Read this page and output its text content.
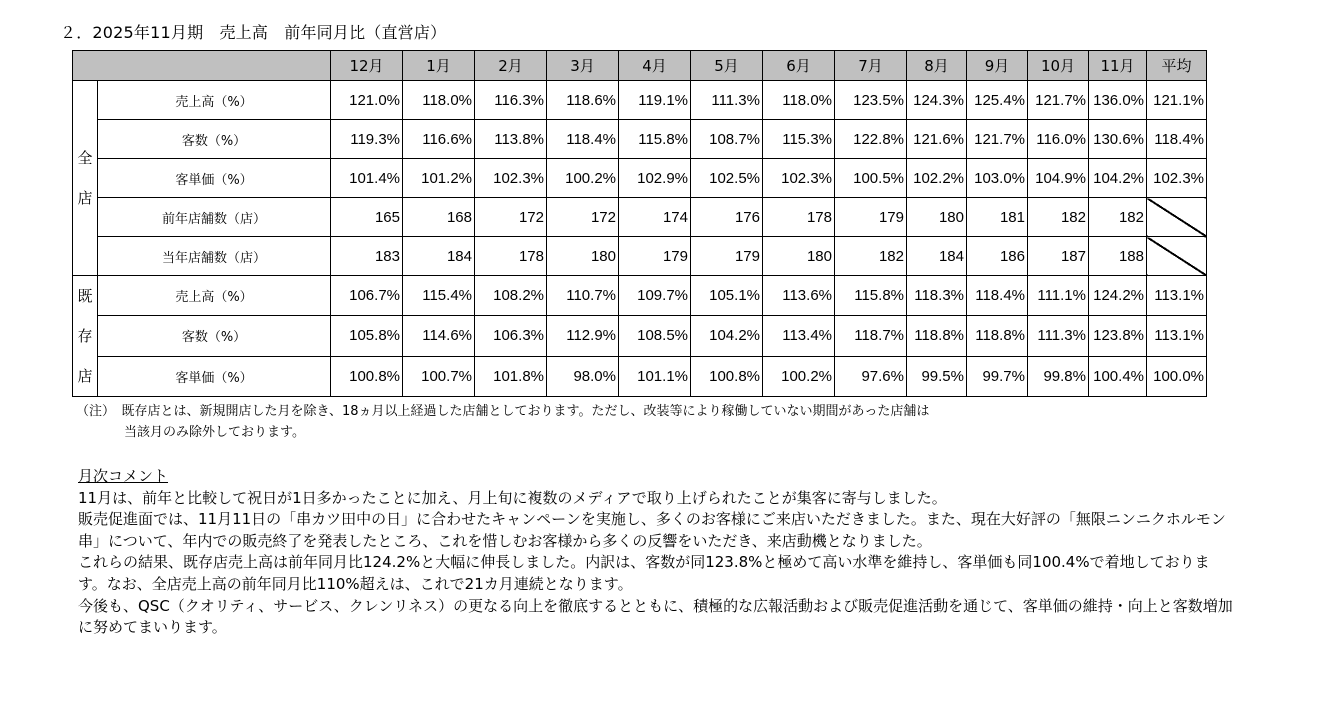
２．2025年11月期　売上高　前年同月比（直営店）
		12月	1月	2月	3月	4月	5月	6月	7月	8月	9月	10月	11月	平均

全
店	売上高（%）	121.0%	118.0%	116.3%	118.6%	119.1%	111.3%	118.0%	123.5%	124.3%	125.4%	121.7%	136.0%	121.1%
	客数（%）	119.3%	116.6%	113.8%	118.4%	115.8%	108.7%	115.3%	122.8%	121.6%	121.7%	116.0%	130.6%	118.4%
	客単価（%）	101.4%	101.2%	102.3%	100.2%	102.9%	102.5%	102.3%	100.5%	102.2%	103.0%	104.9%	104.2%	102.3%
	前年店舗数（店）	165	168	172	172	174	176	178	179	180	181	182	182	
	当年店舗数（店）	183	184	178	180	179	179	180	182	184	186	187	188	

既
存
店	売上高（%）	106.7%	115.4%	108.2%	110.7%	109.7%	105.1%	113.6%	115.8%	118.3%	118.4%	111.1%	124.2%	113.1%
	客数（%）	105.8%	114.6%	106.3%	112.9%	108.5%	104.2%	113.4%	118.7%	118.8%	118.8%	111.3%	123.8%	113.1%
	客単価（%）	100.8%	100.7%	101.8%	98.0%	101.1%	100.8%	100.2%	97.6%	99.5%	99.7%	99.8%	100.4%	100.0%
（注）　既存店とは、新規開店した月を除き、18ヵ月以上経過した店舗としております。ただし、改装等により稼働していない期間があった店舗は
当該月のみ除外しております。
月次コメント

11月は、前年と比較して祝日が1日多かったことに加え、月上旬に複数のメディアで取り上げられたことが集客に寄与しました。

販売促進面では、11月11日の「串カツ田中の日」に合わせたキャンペーンを実施し、多くのお客様にご来店いただきました。また、現在大好評の「無限ニンニクホルモン串」について、年内での販売終了を発表したところ、これを惜しむお客様から多くの反響をいただき、来店動機となりました。

これらの結果、既存店売上高は前年同月比124.2%と大幅に伸長しました。内訳は、客数が同123.8%と極めて高い水準を維持し、客単価も同100.4%で着地しております。なお、全店売上高の前年同月比110%超えは、これで21カ月連続となります。

今後も、QSC（クオリティ、サービス、クレンリネス）の更なる向上を徹底するとともに、積極的な広報活動および販売促進活動を通じて、客単価の維持・向上と客数増加に努めてまいります。
